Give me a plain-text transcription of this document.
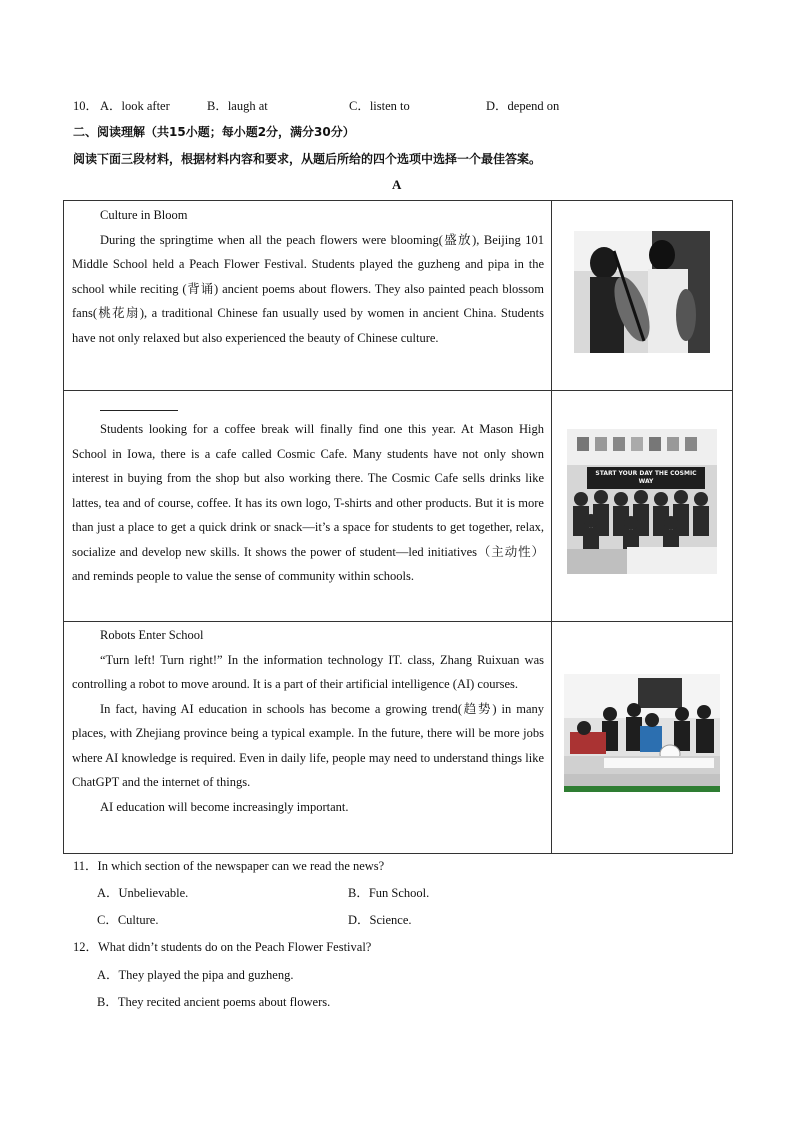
10． A．look after	B．laugh at	C．listen to	D．depend on
二、阅读理解（共15小题；每小题2分，满分30分）
阅读下面三段材料，根据材料内容和要求，从题后所给的四个选项中选择一个最佳答案。
A

Culture in Bloom

During the springtime when all the peach flowers were blooming(盛放), Beijing 101 Middle School held a Peach Flower Festival. Students played the guzheng and pipa in the school while reciting (背诵) ancient poems about flowers. They also painted peach blossom fans(桃花扇), a traditional Chinese fan usually used by women in ancient China. Students have not only relaxed but also experienced the beauty of Chinese culture.

Students looking for a coffee break will finally find one this year. At Mason High School in Iowa, there is a cafe called Cosmic Cafe. Many students have not only shown interest in buying from the shop but also working there. The Cosmic Cafe sells drinks like lattes, tea and of course, coffee. It has its own logo, T-shirts and other products. But it is more than just a place to get a quick drink or snack—it’s a space for students to get together, relax, socialize and develop new skills. It shows the power of student—led initiatives（主动性）and reminds people to value the sense of community within schools.	START YOUR DAY THE COSMIC WAY

Robots Enter School

“Turn left! Turn right!” In the information technology IT. class, Zhang Ruixuan was controlling a robot to move around. It is a part of their artificial intelligence (AI) courses.

In fact, having AI education in schools has become a growing trend(趋势) in many places, with Zhejiang province being a typical example. In the future, there will be more jobs where AI knowledge is required. Even in daily life, people may need to understand things like ChatGPT and the internet of things.

AI education will become increasingly important.

11．In which section of the newspaper can we read the news?
A．Unbelievable.	B．Fun School.
C．Culture.	D．Science.
12．What didn’t students do on the Peach Flower Festival?
A．They played the pipa and guzheng.
B．They recited ancient poems about flowers.
